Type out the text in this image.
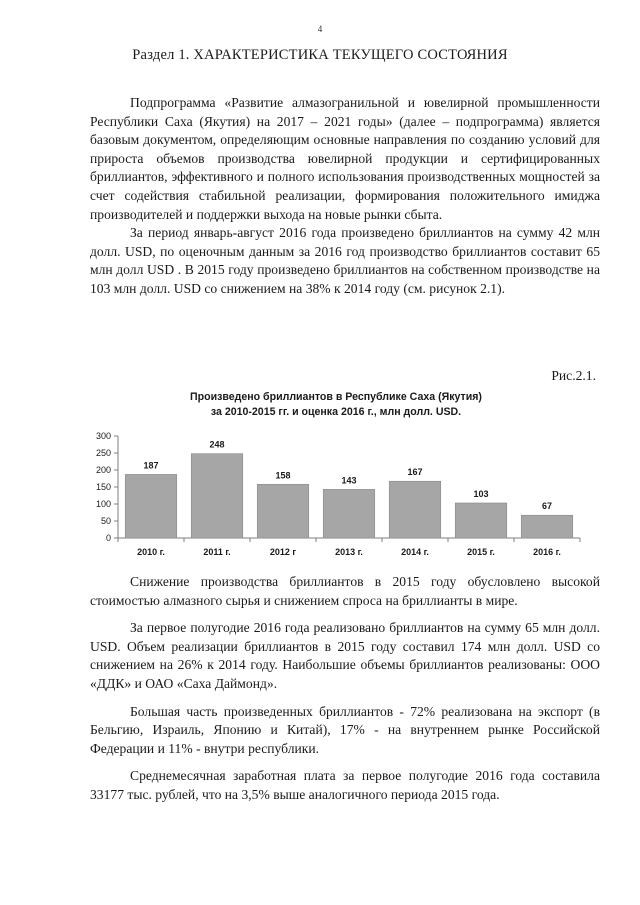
4
Раздел 1. ХАРАКТЕРИСТИКА ТЕКУЩЕГО СОСТОЯНИЯ

Подпрограмма «Развитие алмазогранильной и ювелирной промышленности Республики Саха (Якутия) на 2017 – 2021 годы» (далее – подпрограмма) является базовым документом, определяющим основные направления по созданию условий для прироста объемов производства ювелирной продукции и сертифицированных бриллиантов, эффективного и полного использования производственных мощностей за счет содействия стабильной реализации, формирования положительного имиджа производителей и поддержки выхода на новые рынки сбыта.

За период январь-август 2016 года произведено бриллиантов на сумму 42 млн долл. USD, по оценочным данным за 2016 год производство бриллиантов составит 65 млн долл USD . В 2015 году произведено бриллиантов на собственном производстве на 103 млн долл. USD со снижением на 38% к 2014 году (см. рисунок 2.1).

Рис.2.1.
Произведено бриллиантов в Республике Саха (Якутия)
за 2010-2015 гг. и оценка 2016 г., млн долл. USD.
0
50
100
150
200
250
300
187
2010 г.
248
2011 г.
158
2012 г
143
2013 г.
167
2014 г.
103
2015 г.
67
2016 г.

Снижение производства бриллиантов в 2015 году обусловлено высокой стоимостью алмазного сырья и снижением спроса на бриллианты в мире.

За первое полугодие 2016 года реализовано бриллиантов на сумму 65 млн долл. USD. Объем реализации бриллиантов в 2015 году составил 174 млн долл. USD со снижением на 26% к 2014 году. Наибольшие объемы бриллиантов реализованы: ООО «ДДК» и ОАО «Саха Даймонд».

Большая часть произведенных бриллиантов - 72% реализована на экспорт (в Бельгию, Израиль, Японию и Китай), 17% - на внутреннем рынке Российской Федерации и 11% - внутри республики.

Среднемесячная заработная плата за первое полугодие 2016 года составила 33177 тыс. рублей, что на 3,5% выше аналогичного периода 2015 года.
